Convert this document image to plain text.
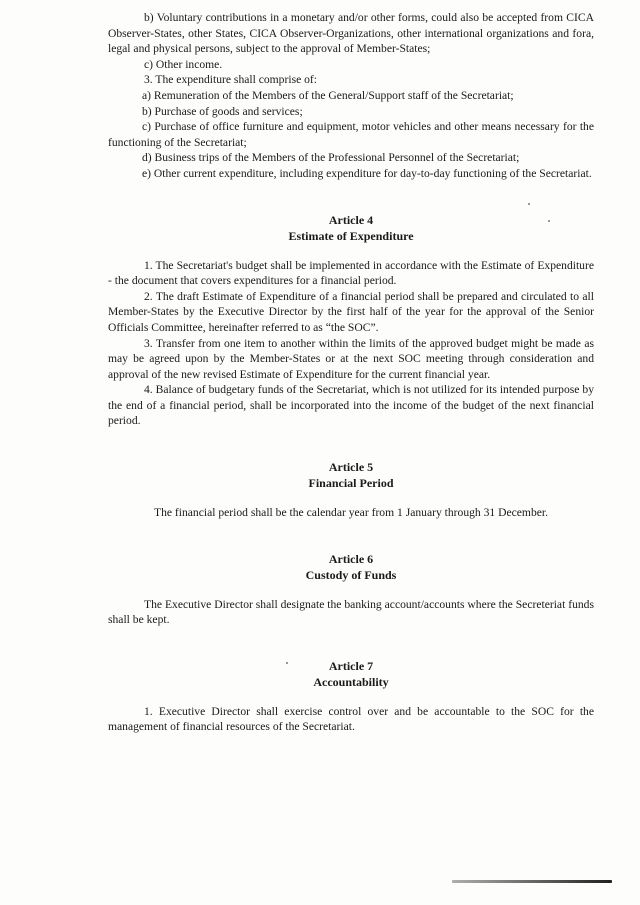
b) Voluntary contributions in a monetary and/or other forms, could also be accepted from CICA Observer-States, other States, CICA Observer-Organizations, other international organizations and fora, legal and physical persons, subject to the approval of Member-States;

c) Other income.

3. The expenditure shall comprise of:

a) Remuneration of the Members of the General/Support staff of the Secretariat;

b) Purchase of goods and services;

c) Purchase of office furniture and equipment, motor vehicles and other means necessary for the functioning of the Secretariat;

d) Business trips of the Members of the Professional Personnel of the Secretariat;

e) Other current expenditure, including expenditure for day-to-day functioning of the Secretariat.

Article 4
Estimate of Expenditure

1. The Secretariat's budget shall be implemented in accordance with the Estimate of Expenditure - the document that covers expenditures for a financial period.

2. The draft Estimate of Expenditure of a financial period shall be prepared and circulated to all Member-States by the Executive Director by the first half of the year for the approval of the Senior Officials Committee, hereinafter referred to as “the SOC”.

3. Transfer from one item to another within the limits of the approved budget might be made as may be agreed upon by the Member-States or at the next SOC meeting through consideration and approval of the new revised Estimate of Expenditure for the current financial year.

4. Balance of budgetary funds of the Secretariat, which is not utilized for its intended purpose by the end of a financial period, shall be incorporated into the income of the budget of the next financial period.

Article 5
Financial Period

The financial period shall be the calendar year from 1 January through 31 December.

Article 6
Custody of Funds

The Executive Director shall designate the banking account/accounts where the Secreteriat funds shall be kept.

Article 7
Accountability

1. Executive Director shall exercise control over and be accountable to the SOC for the management of financial resources of the Secretariat.
